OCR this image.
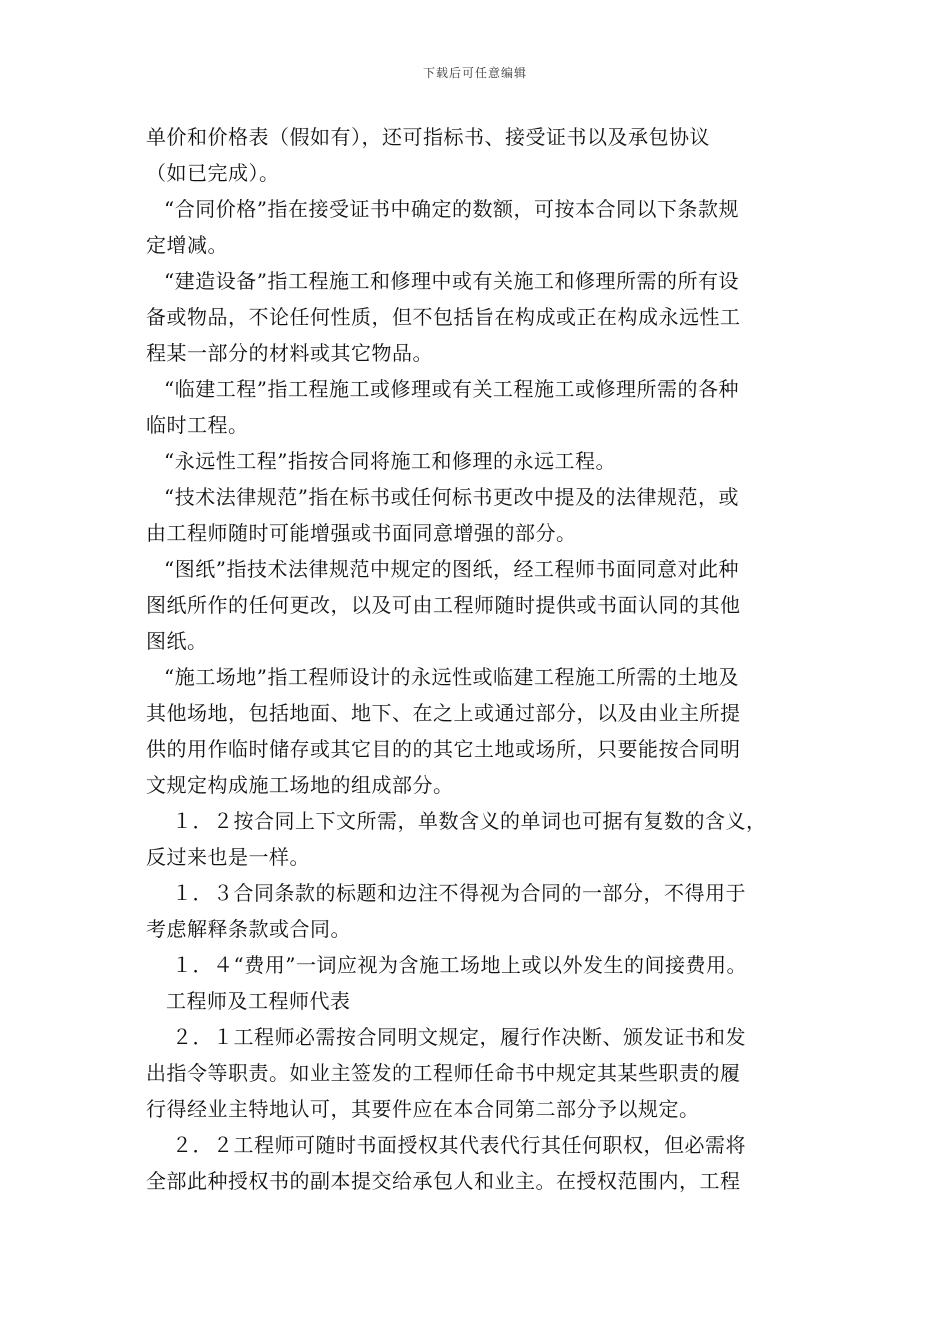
下载后可任意编辑
单价和价格表（假如有），还可指标书、接受证书以及承包协议
（如已完成）。
“合同价格”指在接受证书中确定的数额，可按本合同以下条款规
定增减。
“建造设备”指工程施工和修理中或有关施工和修理所需的所有设
备或物品，不论任何性质，但不包括旨在构成或正在构成永远性工
程某一部分的材料或其它物品。
“临建工程”指工程施工或修理或有关工程施工或修理所需的各种
临时工程。
“永远性工程”指按合同将施工和修理的永远工程。
“技术法律规范”指在标书或任何标书更改中提及的法律规范，或
由工程师随时可能增强或书面同意增强的部分。
“图纸”指技术法律规范中规定的图纸，经工程师书面同意对此种
图纸所作的任何更改，以及可由工程师随时提供或书面认同的其他
图纸。
“施工场地”指工程师设计的永远性或临建工程施工所需的土地及
其他场地，包括地面、地下、在之上或通过部分，以及由业主所提
供的用作临时储存或其它目的的其它土地或场所，只要能按合同明
文规定构成施工场地的组成部分。
１．２按合同上下文所需，单数含义的单词也可据有复数的含义，
反过来也是一样。
１．３合同条款的标题和边注不得视为合同的一部分，不得用于
考虑解释条款或合同。
１．４“费用”一词应视为含施工场地上或以外发生的间接费用。
工程师及工程师代表
２．１工程师必需按合同明文规定，履行作决断、颁发证书和发
出指令等职责。如业主签发的工程师任命书中规定其某些职责的履
行得经业主特地认可，其要件应在本合同第二部分予以规定。
２．２工程师可随时书面授权其代表代行其任何职权，但必需将
全部此种授权书的副本提交给承包人和业主。在授权范围内，工程
